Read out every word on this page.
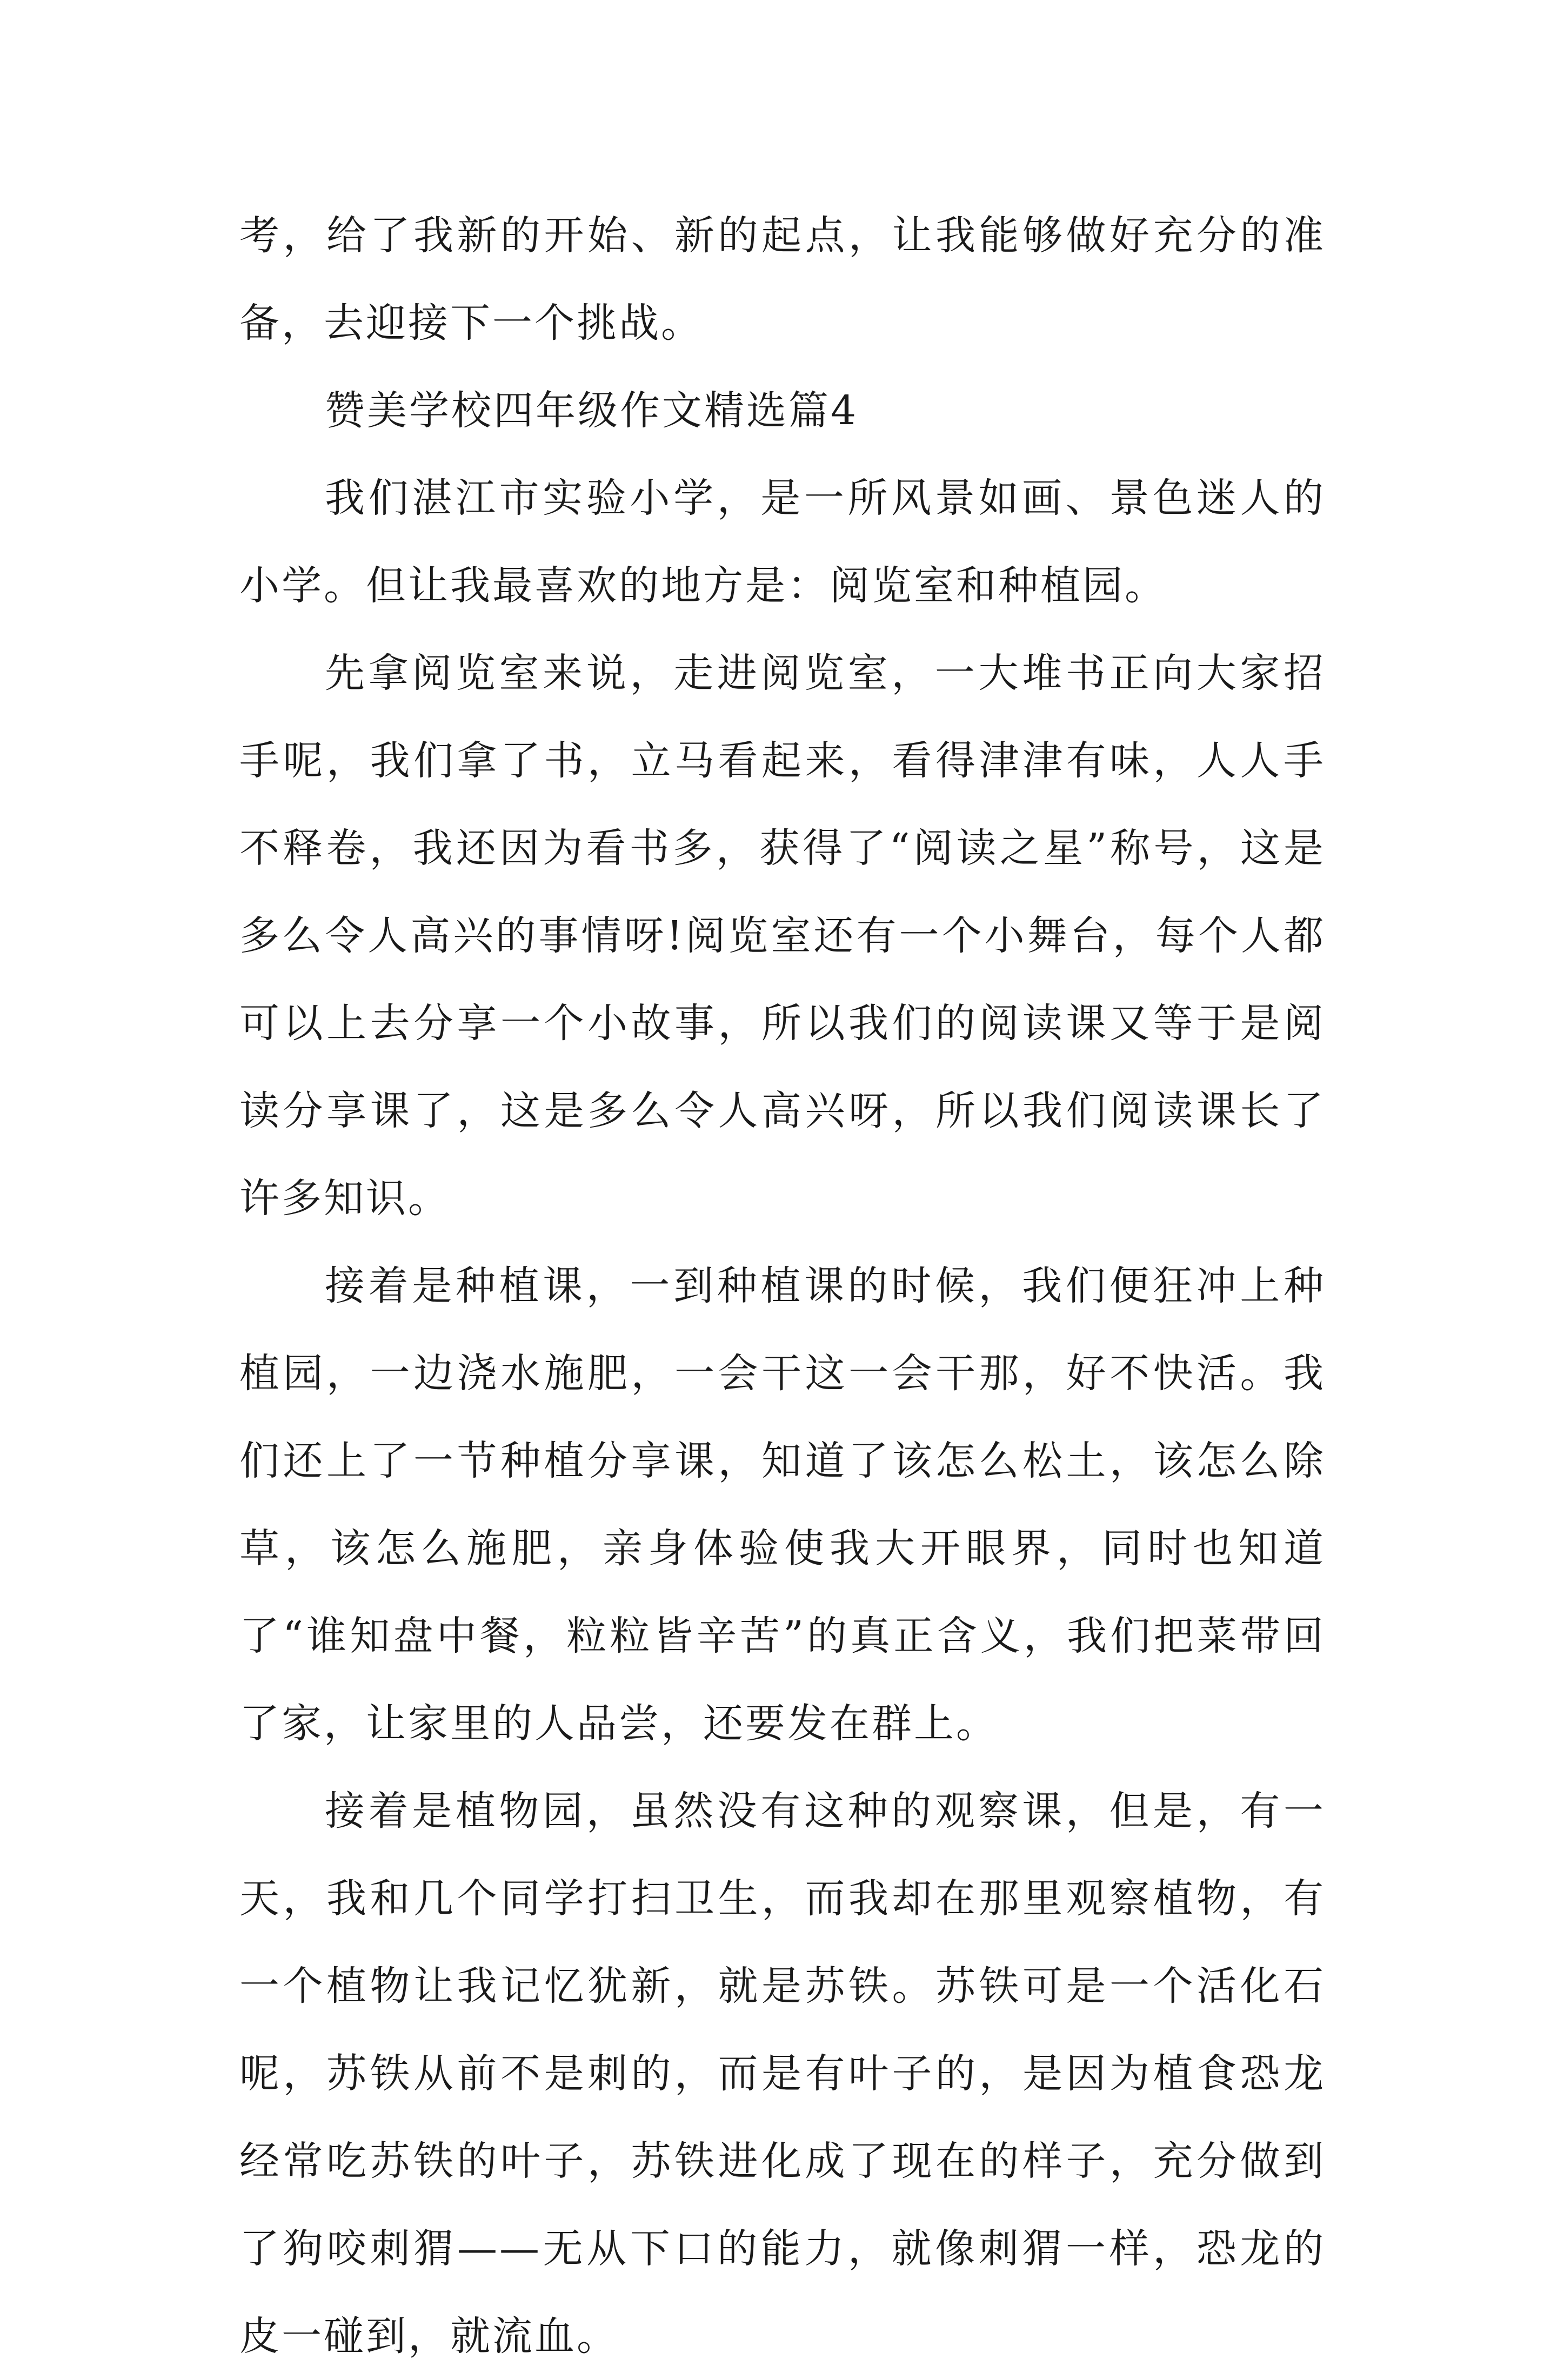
考，给了我新的开始、新的起点，让我能够做好充分的准备，去迎接下一个挑战。

赞美学校四年级作文精选篇4

我们湛江市实验小学，是一所风景如画、景色迷人的小学。但让我最喜欢的地方是：阅览室和种植园。

先拿阅览室来说，走进阅览室，一大堆书正向大家招手呢，我们拿了书，立马看起来，看得津津有味，人人手不释卷，我还因为看书多，获得了“阅读之星”称号，这是多么令人高兴的事情呀!阅览室还有一个小舞台，每个人都可以上去分享一个小故事，所以我们的阅读课又等于是阅读分享课了，这是多么令人高兴呀，所以我们阅读课长了许多知识。

接着是种植课，一到种植课的时候，我们便狂冲上种植园，一边浇水施肥，一会干这一会干那，好不快活。我们还上了一节种植分享课，知道了该怎么松土，该怎么除草，该怎么施肥，亲身体验使我大开眼界，同时也知道了“谁知盘中餐，粒粒皆辛苦”的真正含义，我们把菜带回了家，让家里的人品尝，还要发在群上。

接着是植物园，虽然没有这种的观察课，但是，有一天，我和几个同学打扫卫生，而我却在那里观察植物，有一个植物让我记忆犹新，就是苏铁。苏铁可是一个活化石呢，苏铁从前不是刺的，而是有叶子的，是因为植食恐龙经常吃苏铁的叶子，苏铁进化成了现在的样子，充分做到了狗咬刺猬——无从下口的能力，就像刺猬一样，恐龙的皮一碰到，就流血。
